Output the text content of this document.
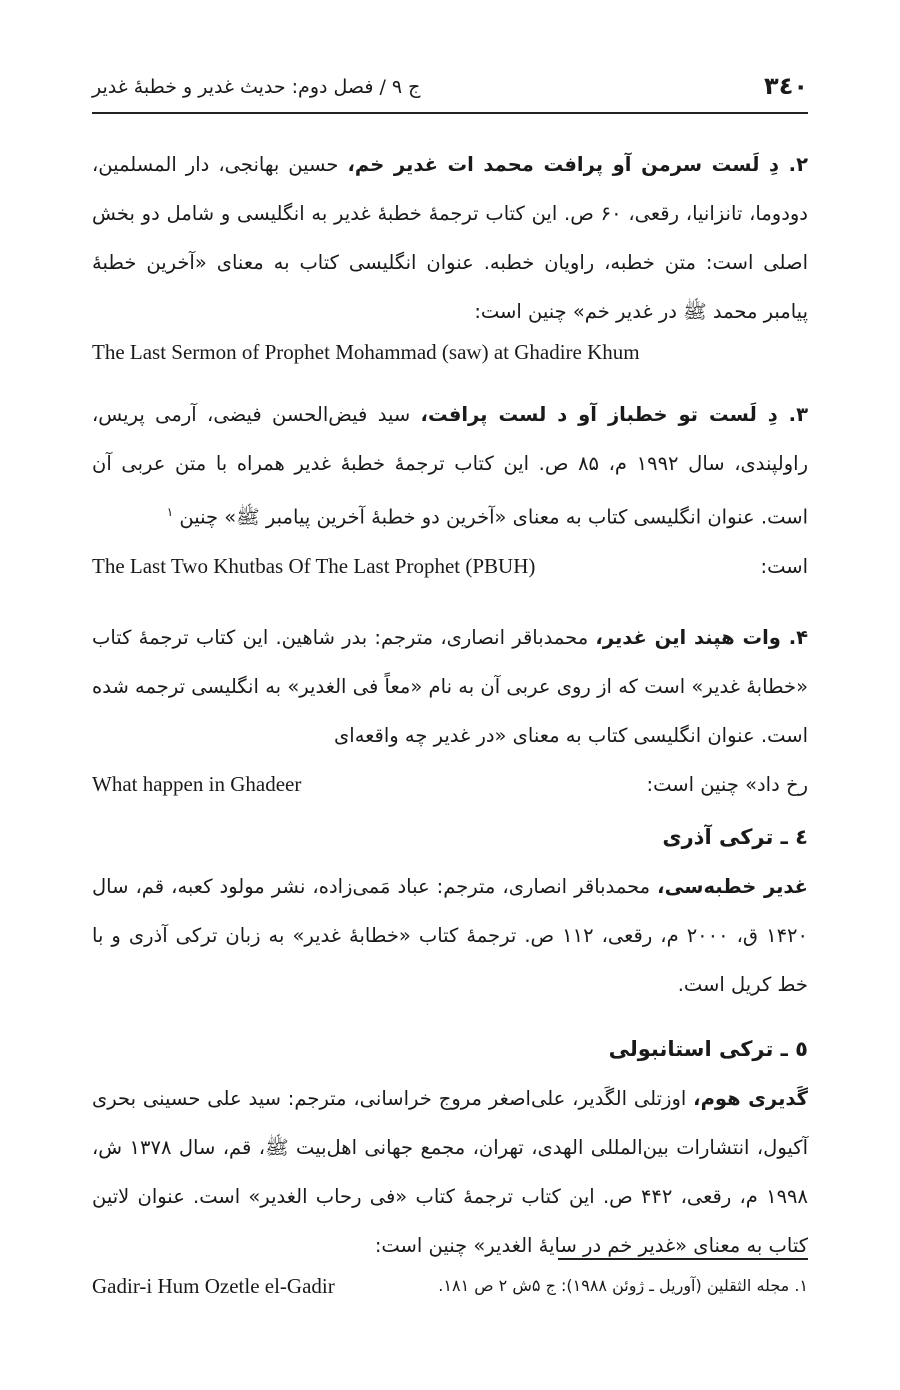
٣٤٠
ج ۹ / فصل دوم: حدیث غدیر و خطبهٔ غدیر

۲. دِ لَست سرمن آو پرافت محمد ات غدیر خم، حسین بهانجی، دار المسلمین، دودوما، تانزانیا، رقعی، ۶۰ ص. این کتاب ترجمهٔ خطبهٔ غدیر به انگلیسی و شامل دو بخش اصلی است: متن خطبه، راویان خطبه. عنوان انگلیسی کتاب به معنای «آخرین خطبهٔ پیامبر محمد ﷺ در غدیر خم» چنین است:

The Last Sermon of Prophet Mohammad (saw) at Ghadire Khum

۳. دِ لَست تو خطباز آو د لست پرافت، سید فیض‌الحسن فیضی، آرمی پریس، راولپندی، سال ۱۹۹۲ م، ۸۵ ص. این کتاب ترجمهٔ خطبهٔ غدیر همراه با متن عربی آن است. عنوان انگلیسی کتاب به معنای «آخرین دو خطبهٔ آخرین پیامبر ﷺ» چنین $^۱$

است:
The Last Two Khutbas Of The Last Prophet (PBUH)

۴. وات هپند این غدیر، محمدباقر انصاری، مترجم: بدر شاهین. این کتاب ترجمهٔ کتاب «خطابهٔ غدیر» است که از روی عربی آن به نام «معاً فی الغدیر» به انگلیسی ترجمه شده است. عنوان انگلیسی کتاب به معنای «در غدیر چه واقعه‌ای

رخ داد» چنین است:
What happen in Ghadeer

٤ ـ ترکی آذری

غدیر خطبه‌سی، محمدباقر انصاری، مترجم: عباد مَمی‌زاده، نشر مولود کعبه، قم، سال ۱۴۲۰ ق، ۲۰۰۰ م، رقعی، ۱۱۲ ص. ترجمهٔ کتاب «خطابهٔ غدیر» به زبان ترکی آذری و با خط کریل است.

٥ ـ ترکی استانبولی

گَدیری هوم، اوزتلی الگَدیر، علی‌اصغر مروج خراسانی، مترجم: سید علی حسینی بحری آکیول، انتشارات بین‌المللی الهدی، تهران، مجمع جهانی اهل‌بیت ﷺ، قم، سال ۱۳۷۸ ش، ۱۹۹۸ م، رقعی، ۴۴۲ ص. این کتاب ترجمهٔ کتاب «فی رحاب الغدیر» است. عنوان لاتین کتاب به معنای «غدیر خم در سایهٔ الغدیر» چنین است:

Gadir-i Hum Ozetle el-Gadir	۱. مجله الثقلین (آوریل ـ ژوئن ۱۹۸۸): ج ۵ش ۲ ص ۱۸۱.
